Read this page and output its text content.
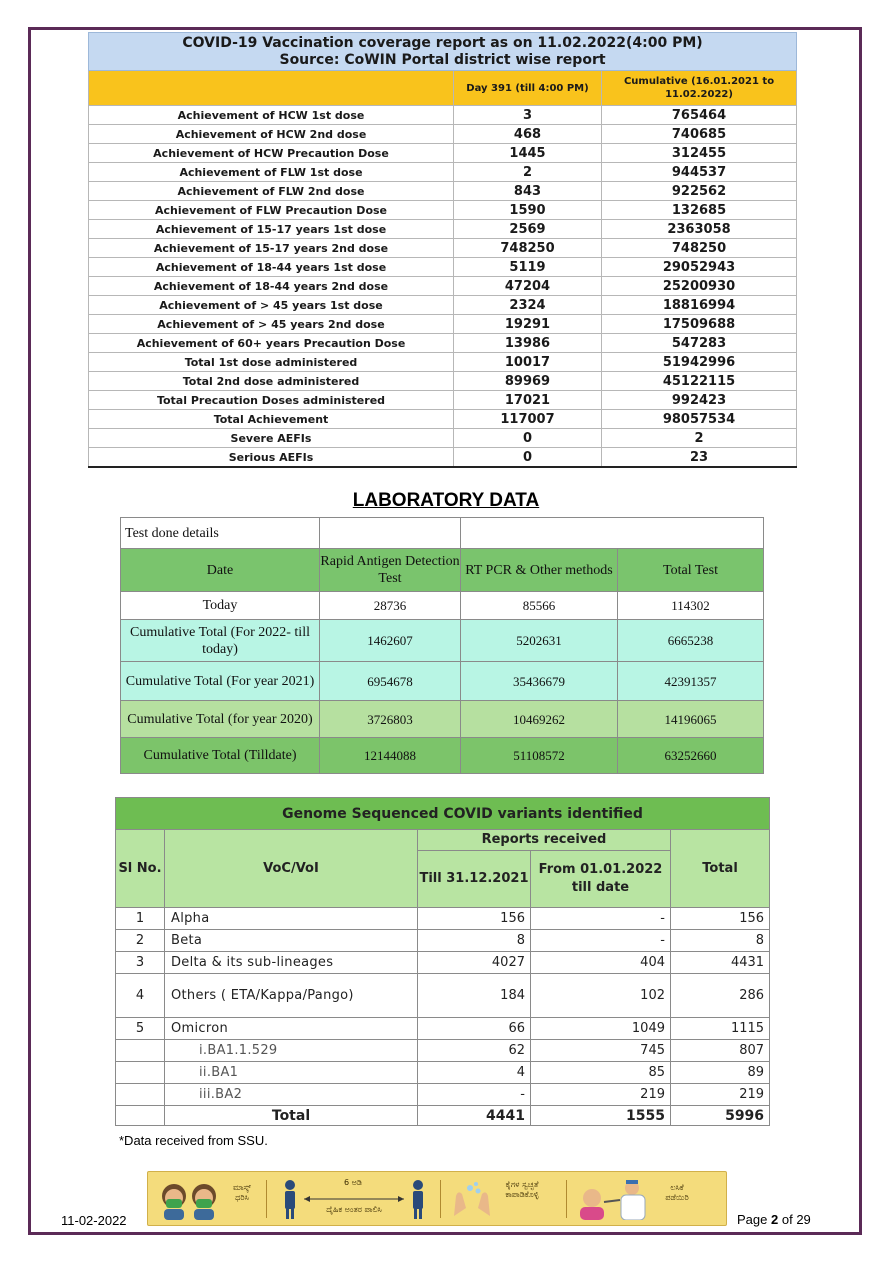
COVID-19 Vaccination coverage report as on 11.02.2022(4:00 PM)
Source: CoWIN Portal district wise report		

	Day 391 (till 4:00 PM)	Cumulative (16.01.2021 to 11.02.2022)
Achievement of HCW 1st dose	3	765464
Achievement of HCW 2nd dose	468	740685
Achievement of HCW Precaution Dose	1445	312455
Achievement of FLW 1st dose	2	944537
Achievement of FLW 2nd dose	843	922562
Achievement of FLW Precaution Dose	1590	132685
Achievement of 15-17 years 1st dose	2569	2363058
Achievement of 15-17 years 2nd dose	748250	748250
Achievement of 18-44 years 1st dose	5119	29052943
Achievement of 18-44 years 2nd dose	47204	25200930
Achievement of > 45 years 1st dose	2324	18816994
Achievement of > 45 years 2nd dose	19291	17509688
Achievement of 60+ years Precaution Dose	13986	547283
Total 1st dose administered	10017	51942996
Total 2nd dose administered	89969	45122115
Total Precaution Doses administered	17021	992423
Total Achievement	117007	98057534
Severe AEFIs	0	2
Serious AEFIs	0	23
LABORATORY DATA
Test done details			
Date	Rapid Antigen Detection Test	RT PCR & Other methods	Total Test
Today	28736	85566	114302
Cumulative Total (For 2022- till today)	1462607	5202631	6665238
Cumulative Total (For year 2021)	6954678	35436679	42391357
Cumulative Total (for year 2020)	3726803	10469262	14196065
Cumulative Total (Tilldate)	12144088	51108572	63252660
Genome Sequenced COVID variants identified				
Sl No.	VoC/VoI	Reports received		Total
		Till 31.12.2021	From 01.01.2022 till date	
1	Alpha	156	-	156
2	Beta	8	-	8
3	Delta & its sub-lineages	4027	404	4431
4	Others ( ETA/Kappa/Pango)	184	102	286
5	Omicron	66	1049	1115
	i.BA1.1.529	62	745	807
	ii.BA1	4	85	89
	iii.BA2	-	219	219
	Total	4441	1555	5996
*Data received from SSU.
11-02-2022
ಮಾಸ್ಕ್ ಧರಿಸಿ
6 ಅಡಿ
ದೈಹಿಕ ಅಂತರ ಪಾಲಿಸಿ
ಕೈಗಳ ಸ್ವಚ್ಛತೆ ಕಾಪಾಡಿಕೊಳ್ಳಿ
ಲಸಿಕೆ ಪಡೆಯಿರಿ
Page 2 of 29
